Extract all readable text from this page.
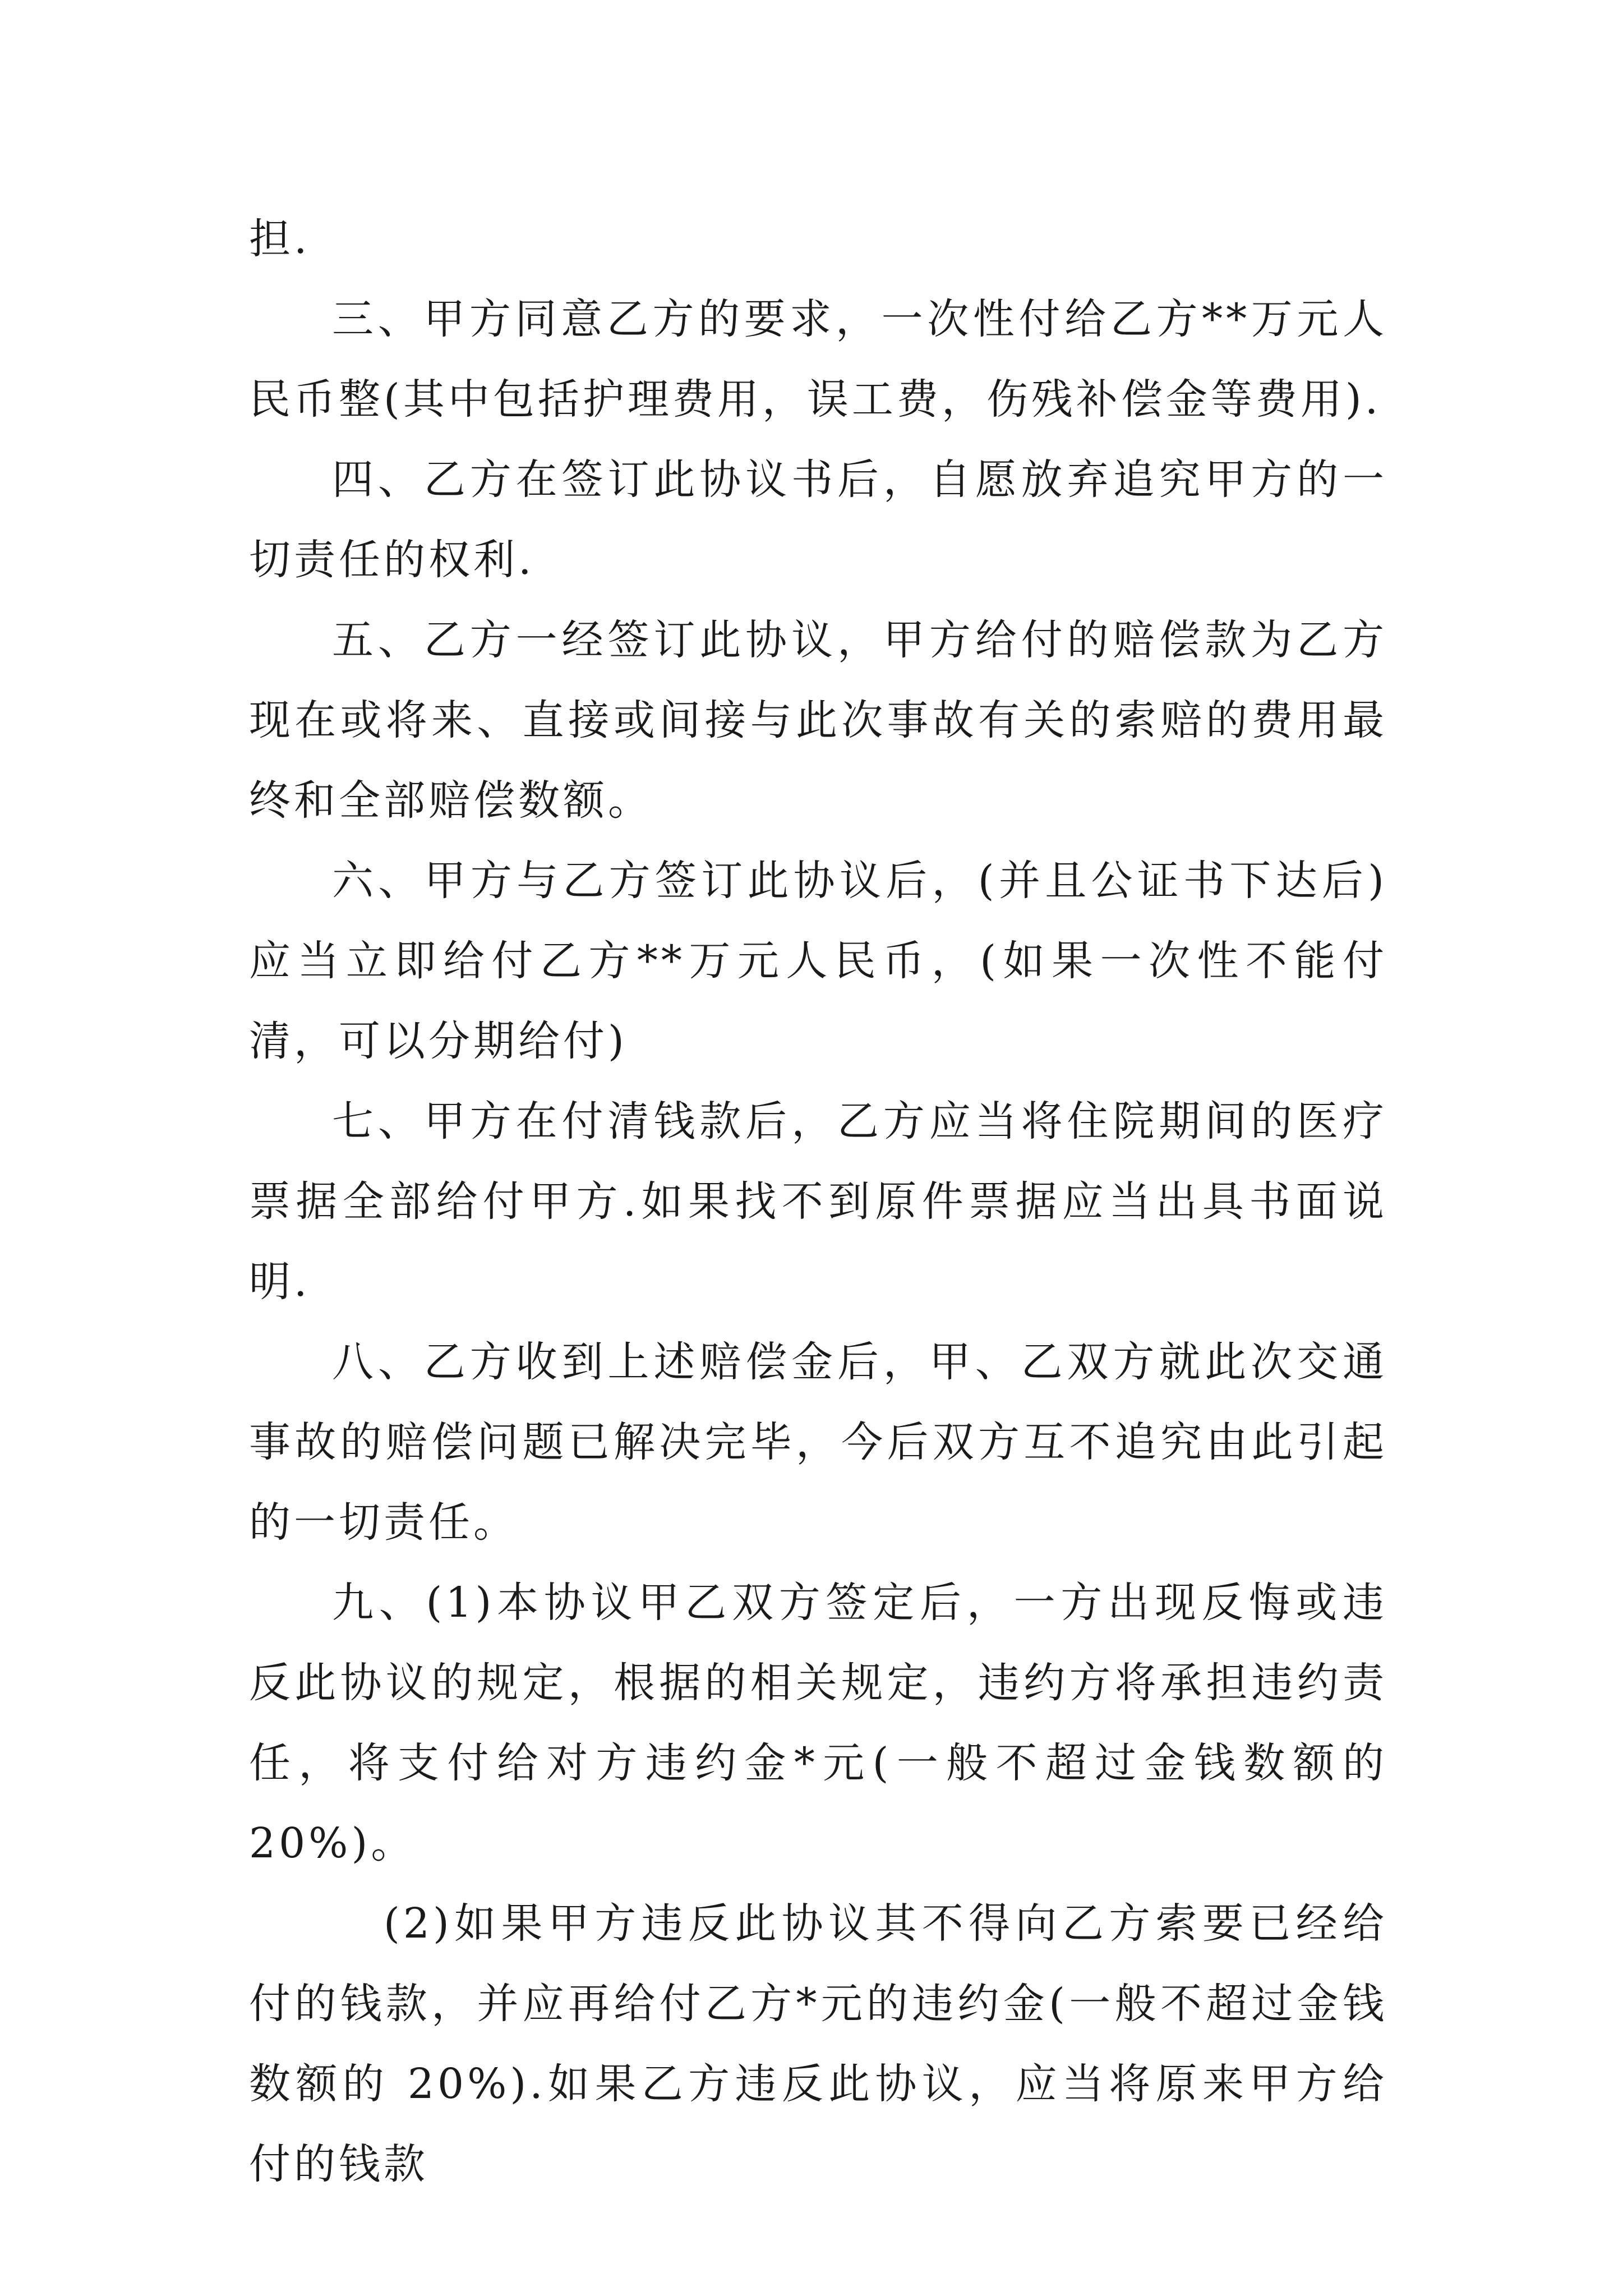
担.

三、甲方同意乙方的要求，一次性付给乙方**万元人民币整(其中包括护理费用，误工费，伤残补偿金等费用).

四、乙方在签订此协议书后，自愿放弃追究甲方的一切责任的权利.

五、乙方一经签订此协议，甲方给付的赔偿款为乙方现在或将来、直接或间接与此次事故有关的索赔的费用最终和全部赔偿数额。

六、甲方与乙方签订此协议后，(并且公证书下达后)应当立即给付乙方**万元人民币，(如果一次性不能付清，可以分期给付)

七、甲方在付清钱款后，乙方应当将住院期间的医疗票据全部给付甲方.如果找不到原件票据应当出具书面说明.

八、乙方收到上述赔偿金后，甲、乙双方就此次交通事故的赔偿问题已解决完毕，今后双方互不追究由此引起的一切责任。

九、(1)本协议甲乙双方签定后，一方出现反悔或违反此协议的规定，根据的相关规定，违约方将承担违约责任，将支付给对方违约金*元(一般不超过金钱数额的 20%)。

(2)如果甲方违反此协议其不得向乙方索要已经给付的钱款，并应再给付乙方*元的违约金(一般不超过金钱数额的 20%).如果乙方违反此协议，应当将原来甲方给付的钱款
